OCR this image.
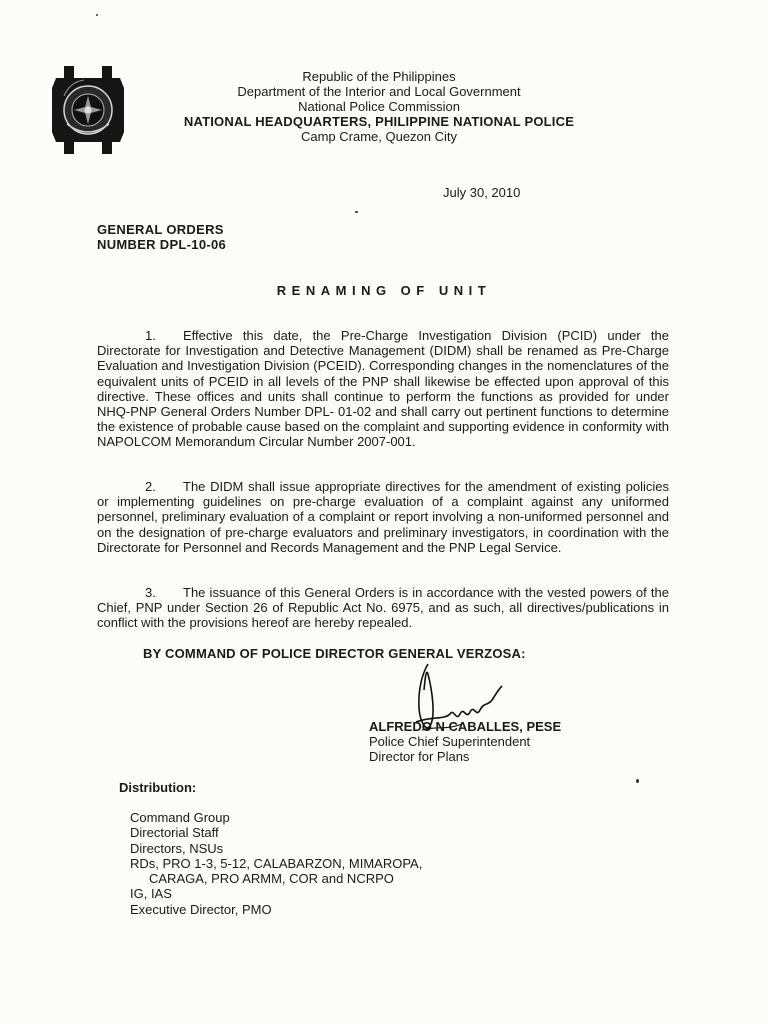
Republic of the Philippines
Department of the Interior and Local Government
National Police Commission
NATIONAL HEADQUARTERS, PHILIPPINE NATIONAL POLICE
Camp Crame, Quezon City
July 30, 2010
GENERAL ORDERS
NUMBER DPL-10-06
RENAMING OF UNIT
1. Effective this date, the Pre-Charge Investigation Division (PCID) under the Directorate for Investigation and Detective Management (DIDM) shall be renamed as Pre-Charge Evaluation and Investigation Division (PCEID). Corresponding changes in the nomenclatures of the equivalent units of PCEID in all levels of the PNP shall likewise be effected upon approval of this directive. These offices and units shall continue to perform the functions as provided for under NHQ-PNP General Orders Number DPL- 01-02 and shall carry out pertinent functions to determine the existence of probable cause based on the complaint and supporting evidence in conformity with NAPOLCOM Memorandum Circular Number 2007-001.
2. The DIDM shall issue appropriate directives for the amendment of existing policies or implementing guidelines on pre-charge evaluation of a complaint against any uniformed personnel, preliminary evaluation of a complaint or report involving a non-uniformed personnel and on the designation of pre-charge evaluators and preliminary investigators, in coordination with the Directorate for Personnel and Records Management and the PNP Legal Service.
3. The issuance of this General Orders is in accordance with the vested powers of the Chief, PNP under Section 26 of Republic Act No. 6975, and as such, all directives/publications in conflict with the provisions hereof are hereby repealed.
BY COMMAND OF POLICE DIRECTOR GENERAL VERZOSA:
ALFREDO N CABALLES, PESE
Police Chief Superintendent
Director for Plans
Distribution:
Command Group
Directorial Staff
Directors, NSUs
RDs, PRO 1-3, 5-12, CALABARZON, MIMAROPA,
CARAGA, PRO ARMM, COR and NCRPO
IG, IAS
Executive Director, PMO
